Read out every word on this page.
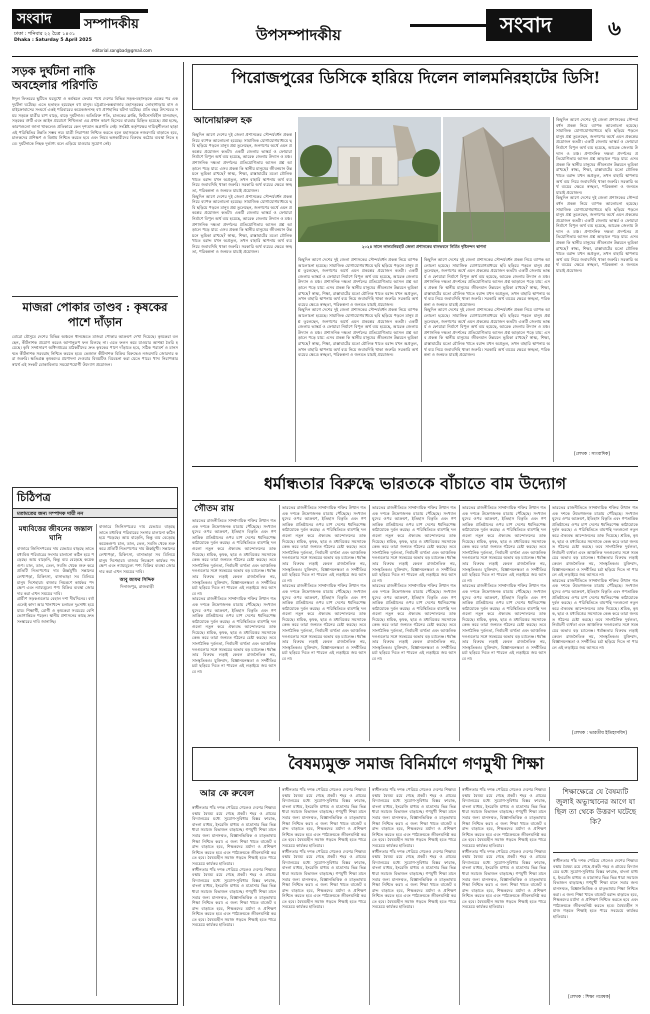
সংবাদ
ঢাকা : শনিবার ২২ চৈত্র ১৪৩১
Dhaka : Saturday 5 April 2025
সম্পাদকীয়
editorial.sangbad@gmail.com
উপসম্পাদকীয়	সংবাদ	৬
সড়ক দুর্ঘটনা নাকি অবহেলার পরিণতি

ঈদুল ফিতরের ছুটিতে ঘরমুখো ও কর্মস্থলে ফেরার পথে দেশের বিভিন্ন সড়ক-মহাসড়কে একের পর এক দুর্ঘটনা ঘটেছে। এতে হতাহত হয়েছেন বহু মানুষ। চট্টগ্রাম-কক্সবাজার মহাসড়কের লোহাগাড়ায় বাস ও মাইক্রোবাসের সংঘর্ষে একই পরিবারের কয়েকজনসহ বহু প্রাণহানির ঘটনা ঘটেছে। প্রতি বছর উৎসবের সময় সড়কে যাত্রীর চাপ বাড়ে, বাড়ে দুর্ঘটনাও। অতিরিক্ত গতি, চালকের ক্লান্তি, ফিটনেসবিহীন যানবাহন, সড়কের ত্রুটি এবং আইন প্রয়োগে শিথিলতা এর প্রধান কারণ হিসেবে বারবার চিহ্নিত হয়েছে। প্রশ্ন হচ্ছে, কারণগুলো জানা থাকলেও প্রতিকারে কেন দৃশ্যমান অগ্রগতি নেই। সংশ্লিষ্ট কর্তৃপক্ষের দায়িত্বশীলতা ছাড়া এই পরিস্থিতির উন্নতি সম্ভব নয়। যাত্রী নিরাপত্তা নিশ্চিত করতে হলে মহাসড়কে নজরদারি বাড়াতে হবে, চালকদের প্রশিক্ষণ ও বিশ্রাম নিশ্চিত করতে হবে এবং নিয়ম ভঙ্গকারীদের বিরুদ্ধে কঠোর ব্যবস্থা নিতে হবে। দুর্ঘটনাকে নিছক দুর্ভাগ্য বলে এড়িয়ে যাওয়ার সুযোগ নেই।

মাজরা পোকার তাণ্ডব : কৃষকের পাশে দাঁড়ান

বোরো মৌসুমে দেশের বিভিন্ন অঞ্চলে ধানক্ষেতে মাজরা পোকার আক্রমণ দেখা দিয়েছে। কৃষকেরা বলছেন, কীটনাশক প্রয়োগ করেও আশানুরূপ ফল মিলছে না। এতে ফলন কমে যাওয়ার আশঙ্কা তৈরি হয়েছে। কৃষি সম্প্রসারণ অধিদপ্তরের মাঠকর্মীদের দ্রুত কৃষকের পাশে দাঁড়াতে হবে, সঠিক পরামর্শ ও মানসম্মত কীটনাশক সরবরাহ নিশ্চিত করতে হবে। ভেজাল কীটনাশক বিক্রির বিরুদ্ধেও নজরদারি জোরদার করা জরুরি। ক্ষতিগ্রস্ত কৃষকদের প্রণোদনা দেওয়ার বিষয়টিও বিবেচনা করা যেতে পারে। খাদ্য নিরাপত্তার স্বার্থে এই সংকট মোকাবিলায় সময়োপযোগী উদ্যোগ প্রয়োজন।

চিঠিপত্র
মতামতের জন্য সম্পাদক দায়ী নন
মধ্যবিত্তের জীবনের জন্তাল ঘানি

বাজারে জিনিসপত্রের দাম যেভাবে বাড়ছে তাতে মধ্যবিত্ত পরিবারের সংসার চালানো কঠিন হয়ে পড়েছে। আয় বাড়েনি, কিন্তু ব্যয় বেড়েছে কয়েকগুণ। চাল, ডাল, তেল, সবজি থেকে শুরু করে প্রতিটি নিত্যপণ্যের দাম ঊর্ধ্বমুখী। সন্তানের লেখাপড়া, চিকিৎসা, বাসাভাড়া সব মিলিয়ে মানুষ দিশেহারা। বাজার নিয়ন্ত্রণে কার্যকর পদক্ষেপ এবং ন্যায্যমূল্যে পণ্য বিক্রির ব্যবস্থা জোরদার করা এখন সময়ের দাবি।

গ্রামীণ সড়কগুলোর বেহাল দশা দীর্ঘদিনের। বর্ষা এলেই কাদা আর খানাখন্দে চলাচল দুঃসাধ্য হয়ে যায়। শিক্ষার্থী, রোগী ও কৃষকেরা সবচেয়ে বেশি ভোগান্তিতে পড়েন। স্থানীয় প্রশাসনের কাছে দ্রুত সংস্কারের দাবি জানাচ্ছি।

বাজারে জিনিসপত্রের দাম যেভাবে বাড়ছে তাতে মধ্যবিত্ত পরিবারের সংসার চালানো কঠিন হয়ে পড়েছে। আয় বাড়েনি, কিন্তু ব্যয় বেড়েছে কয়েকগুণ। চাল, ডাল, তেল, সবজি থেকে শুরু করে প্রতিটি নিত্যপণ্যের দাম ঊর্ধ্বমুখী। সন্তানের লেখাপড়া, চিকিৎসা, বাসাভাড়া সব মিলিয়ে মানুষ দিশেহারা। বাজার নিয়ন্ত্রণে কার্যকর পদক্ষেপ এবং ন্যায্যমূল্যে পণ্য বিক্রির ব্যবস্থা জোরদার করা এখন সময়ের দাবি।

আবু জাফর সিদ্দিক
দিনাজপুর, রাজবাড়ী
পিরোজপুরের ডিসিকে হারিয়ে দিলেন লালমনিরহাটের ডিসি!
আনোয়ারুল হক

কিছুদিন আগে দেশের দুই জেলা প্রশাসকের সৌন্দর্যবর্ধন প্রকল্প নিয়ে ব্যাপক আলোচনা হয়েছে। সামাজিক যোগাযোগমাধ্যমে ছবি ছড়িয়ে পড়লে মানুষ প্রশ্ন তুলেছেন, জনগণের অর্থে এমন প্রকল্পের প্রয়োজন কতটা। একটি জেলায় ভাস্কর্য ও ফোয়ারা নির্মাণে বিপুল অর্থ ব্যয় হয়েছে, আরেক জেলায় উদ্যান ও মঞ্চ। প্রশাসনিক দক্ষতা প্রদর্শনের প্রতিযোগিতায় আসল প্রশ্ন আড়ালে পড়ে যায়: এসব প্রকল্প কি স্থানীয় মানুষের জীবনমান উন্নয়নে ভূমিকা রাখছে? স্বাস্থ্য, শিক্ষা, রাস্তাঘাটের মতো মৌলিক খাতে বরাদ্দ যখন অপ্রতুল, তখন বাহারি স্থাপনায় অর্থ ব্যয় নিয়ে জবাবদিহি থাকা জরুরি। সরকারি অর্থ ব্যয়ের ক্ষেত্রে স্বচ্ছতা, পরিকল্পনা ও জনমত যাচাই প্রয়োজন।

কিছুদিন আগে দেশের দুই জেলা প্রশাসকের সৌন্দর্যবর্ধন প্রকল্প নিয়ে ব্যাপক আলোচনা হয়েছে। সামাজিক যোগাযোগমাধ্যমে ছবি ছড়িয়ে পড়লে মানুষ প্রশ্ন তুলেছেন, জনগণের অর্থে এমন প্রকল্পের প্রয়োজন কতটা। একটি জেলায় ভাস্কর্য ও ফোয়ারা নির্মাণে বিপুল অর্থ ব্যয় হয়েছে, আরেক জেলায় উদ্যান ও মঞ্চ। প্রশাসনিক দক্ষতা প্রদর্শনের প্রতিযোগিতায় আসল প্রশ্ন আড়ালে পড়ে যায়: এসব প্রকল্প কি স্থানীয় মানুষের জীবনমান উন্নয়নে ভূমিকা রাখছে? স্বাস্থ্য, শিক্ষা, রাস্তাঘাটের মতো মৌলিক খাতে বরাদ্দ যখন অপ্রতুল, তখন বাহারি স্থাপনায় অর্থ ব্যয় নিয়ে জবাবদিহি থাকা জরুরি। সরকারি অর্থ ব্যয়ের ক্ষেত্রে স্বচ্ছতা, পরিকল্পনা ও জনমত যাচাই প্রয়োজন।

২০২৪ সালে লালমনিরহাট জেলা প্রশাসকের বাসভবনে নির্মিত দৃষ্টিনন্দন স্থাপনা

কিছুদিন আগে দেশের দুই জেলা প্রশাসকের সৌন্দর্যবর্ধন প্রকল্প নিয়ে ব্যাপক আলোচনা হয়েছে। সামাজিক যোগাযোগমাধ্যমে ছবি ছড়িয়ে পড়লে মানুষ প্রশ্ন তুলেছেন, জনগণের অর্থে এমন প্রকল্পের প্রয়োজন কতটা। একটি জেলায় ভাস্কর্য ও ফোয়ারা নির্মাণে বিপুল অর্থ ব্যয় হয়েছে, আরেক জেলায় উদ্যান ও মঞ্চ। প্রশাসনিক দক্ষতা প্রদর্শনের প্রতিযোগিতায় আসল প্রশ্ন আড়ালে পড়ে যায়: এসব প্রকল্প কি স্থানীয় মানুষের জীবনমান উন্নয়নে ভূমিকা রাখছে? স্বাস্থ্য, শিক্ষা, রাস্তাঘাটের মতো মৌলিক খাতে বরাদ্দ যখন অপ্রতুল, তখন বাহারি স্থাপনায় অর্থ ব্যয় নিয়ে জবাবদিহি থাকা জরুরি। সরকারি অর্থ ব্যয়ের ক্ষেত্রে স্বচ্ছতা, পরিকল্পনা ও জনমত যাচাই প্রয়োজন।

কিছুদিন আগে দেশের দুই জেলা প্রশাসকের সৌন্দর্যবর্ধন প্রকল্প নিয়ে ব্যাপক আলোচনা হয়েছে। সামাজিক যোগাযোগমাধ্যমে ছবি ছড়িয়ে পড়লে মানুষ প্রশ্ন তুলেছেন, জনগণের অর্থে এমন প্রকল্পের প্রয়োজন কতটা। একটি জেলায় ভাস্কর্য ও ফোয়ারা নির্মাণে বিপুল অর্থ ব্যয় হয়েছে, আরেক জেলায় উদ্যান ও মঞ্চ। প্রশাসনিক দক্ষতা প্রদর্শনের প্রতিযোগিতায় আসল প্রশ্ন আড়ালে পড়ে যায়: এসব প্রকল্প কি স্থানীয় মানুষের জীবনমান উন্নয়নে ভূমিকা রাখছে? স্বাস্থ্য, শিক্ষা, রাস্তাঘাটের মতো মৌলিক খাতে বরাদ্দ যখন অপ্রতুল, তখন বাহারি স্থাপনায় অর্থ ব্যয় নিয়ে জবাবদিহি থাকা জরুরি। সরকারি অর্থ ব্যয়ের ক্ষেত্রে স্বচ্ছতা, পরিকল্পনা ও জনমত যাচাই প্রয়োজন।

কিছুদিন আগে দেশের দুই জেলা প্রশাসকের সৌন্দর্যবর্ধন প্রকল্প নিয়ে ব্যাপক আলোচনা হয়েছে। সামাজিক যোগাযোগমাধ্যমে ছবি ছড়িয়ে পড়লে মানুষ প্রশ্ন তুলেছেন, জনগণের অর্থে এমন প্রকল্পের প্রয়োজন কতটা। একটি জেলায় ভাস্কর্য ও ফোয়ারা নির্মাণে বিপুল অর্থ ব্যয় হয়েছে, আরেক জেলায় উদ্যান ও মঞ্চ। প্রশাসনিক দক্ষতা প্রদর্শনের প্রতিযোগিতায় আসল প্রশ্ন আড়ালে পড়ে যায়: এসব প্রকল্প কি স্থানীয় মানুষের জীবনমান উন্নয়নে ভূমিকা রাখছে? স্বাস্থ্য, শিক্ষা, রাস্তাঘাটের মতো মৌলিক খাতে বরাদ্দ যখন অপ্রতুল, তখন বাহারি স্থাপনায় অর্থ ব্যয় নিয়ে জবাবদিহি থাকা জরুরি। সরকারি অর্থ ব্যয়ের ক্ষেত্রে স্বচ্ছতা, পরিকল্পনা ও জনমত যাচাই প্রয়োজন।

কিছুদিন আগে দেশের দুই জেলা প্রশাসকের সৌন্দর্যবর্ধন প্রকল্প নিয়ে ব্যাপক আলোচনা হয়েছে। সামাজিক যোগাযোগমাধ্যমে ছবি ছড়িয়ে পড়লে মানুষ প্রশ্ন তুলেছেন, জনগণের অর্থে এমন প্রকল্পের প্রয়োজন কতটা। একটি জেলায় ভাস্কর্য ও ফোয়ারা নির্মাণে বিপুল অর্থ ব্যয় হয়েছে, আরেক জেলায় উদ্যান ও মঞ্চ। প্রশাসনিক দক্ষতা প্রদর্শনের প্রতিযোগিতায় আসল প্রশ্ন আড়ালে পড়ে যায়: এসব প্রকল্প কি স্থানীয় মানুষের জীবনমান উন্নয়নে ভূমিকা রাখছে? স্বাস্থ্য, শিক্ষা, রাস্তাঘাটের মতো মৌলিক খাতে বরাদ্দ যখন অপ্রতুল, তখন বাহারি স্থাপনায় অর্থ ব্যয় নিয়ে জবাবদিহি থাকা জরুরি। সরকারি অর্থ ব্যয়ের ক্ষেত্রে স্বচ্ছতা, পরিকল্পনা ও জনমত যাচাই প্রয়োজন।

কিছুদিন আগে দেশের দুই জেলা প্রশাসকের সৌন্দর্যবর্ধন প্রকল্প নিয়ে ব্যাপক আলোচনা হয়েছে। সামাজিক যোগাযোগমাধ্যমে ছবি ছড়িয়ে পড়লে মানুষ প্রশ্ন তুলেছেন, জনগণের অর্থে এমন প্রকল্পের প্রয়োজন কতটা। একটি জেলায় ভাস্কর্য ও ফোয়ারা নির্মাণে বিপুল অর্থ ব্যয় হয়েছে, আরেক জেলায় উদ্যান ও মঞ্চ। প্রশাসনিক দক্ষতা প্রদর্শনের প্রতিযোগিতায় আসল প্রশ্ন আড়ালে পড়ে যায়: এসব প্রকল্প কি স্থানীয় মানুষের জীবনমান উন্নয়নে ভূমিকা রাখছে? স্বাস্থ্য, শিক্ষা, রাস্তাঘাটের মতো মৌলিক খাতে বরাদ্দ যখন অপ্রতুল, তখন বাহারি স্থাপনায় অর্থ ব্যয় নিয়ে জবাবদিহি থাকা জরুরি। সরকারি অর্থ ব্যয়ের ক্ষেত্রে স্বচ্ছতা, পরিকল্পনা ও জনমত যাচাই প্রয়োজন।

কিছুদিন আগে দেশের দুই জেলা প্রশাসকের সৌন্দর্যবর্ধন প্রকল্প নিয়ে ব্যাপক আলোচনা হয়েছে। সামাজিক যোগাযোগমাধ্যমে ছবি ছড়িয়ে পড়লে মানুষ প্রশ্ন তুলেছেন, জনগণের অর্থে এমন প্রকল্পের প্রয়োজন কতটা। একটি জেলায় ভাস্কর্য ও ফোয়ারা নির্মাণে বিপুল অর্থ ব্যয় হয়েছে, আরেক জেলায় উদ্যান ও মঞ্চ। প্রশাসনিক দক্ষতা প্রদর্শনের প্রতিযোগিতায় আসল প্রশ্ন আড়ালে পড়ে যায়: এসব প্রকল্প কি স্থানীয় মানুষের জীবনমান উন্নয়নে ভূমিকা রাখছে? স্বাস্থ্য, শিক্ষা, রাস্তাঘাটের মতো মৌলিক খাতে বরাদ্দ যখন অপ্রতুল, তখন বাহারি স্থাপনায় অর্থ ব্যয় নিয়ে জবাবদিহি থাকা জরুরি। সরকারি অর্থ ব্যয়ের ক্ষেত্রে স্বচ্ছতা, পরিকল্পনা ও জনমত যাচাই প্রয়োজন।

[লেখক : সাংবাদিক]
ধর্মান্ধতার বিরুদ্ধে ভারতকে বাঁচাতে বাম উদ্যোগ
গৌতম রায়

ভারতের রাজনীতিতে সাম্প্রদায়িক শক্তির উত্থান গত এক দশকে উদ্বেগজনক মাত্রায় পৌঁছেছে। সংখ্যালঘুদের ওপর আক্রমণ, ইতিহাস বিকৃতি এবং গণতান্ত্রিক প্রতিষ্ঠানের ওপর চাপ দেশের ধর্মনিরপেক্ষ কাঠামোকে দুর্বল করছে। এ পরিস্থিতিতে বামপন্থি দলগুলো নতুন করে ঐক্যবদ্ধ আন্দোলনের ডাক দিয়েছে। শ্রমিক, কৃষক, ছাত্র ও মধ্যবিত্তের সমস্যাকে কেন্দ্র করে তারা জনমত গঠনের চেষ্টা করছে। তবে সাংগঠনিক দুর্বলতা, নির্বাচনী ব্যর্থতা এবং আঞ্চলিক দলগুলোর সঙ্গে সমন্বয়ের অভাব বড় চ্যালেঞ্জ। ধর্মান্ধতার বিরুদ্ধে লড়াই কেবল রাজনৈতিক নয়, সাংস্কৃতিকও। যুক্তিবাদ, বিজ্ঞানমনস্কতা ও সম্প্রীতির চর্চা ছড়িয়ে দিতে না পারলে এই লড়াইয়ে জয় আসবে না।

ভারতের রাজনীতিতে সাম্প্রদায়িক শক্তির উত্থান গত এক দশকে উদ্বেগজনক মাত্রায় পৌঁছেছে। সংখ্যালঘুদের ওপর আক্রমণ, ইতিহাস বিকৃতি এবং গণতান্ত্রিক প্রতিষ্ঠানের ওপর চাপ দেশের ধর্মনিরপেক্ষ কাঠামোকে দুর্বল করছে। এ পরিস্থিতিতে বামপন্থি দলগুলো নতুন করে ঐক্যবদ্ধ আন্দোলনের ডাক দিয়েছে। শ্রমিক, কৃষক, ছাত্র ও মধ্যবিত্তের সমস্যাকে কেন্দ্র করে তারা জনমত গঠনের চেষ্টা করছে। তবে সাংগঠনিক দুর্বলতা, নির্বাচনী ব্যর্থতা এবং আঞ্চলিক দলগুলোর সঙ্গে সমন্বয়ের অভাব বড় চ্যালেঞ্জ। ধর্মান্ধতার বিরুদ্ধে লড়াই কেবল রাজনৈতিক নয়, সাংস্কৃতিকও। যুক্তিবাদ, বিজ্ঞানমনস্কতা ও সম্প্রীতির চর্চা ছড়িয়ে দিতে না পারলে এই লড়াইয়ে জয় আসবে না।

ভারতের রাজনীতিতে সাম্প্রদায়িক শক্তির উত্থান গত এক দশকে উদ্বেগজনক মাত্রায় পৌঁছেছে। সংখ্যালঘুদের ওপর আক্রমণ, ইতিহাস বিকৃতি এবং গণতান্ত্রিক প্রতিষ্ঠানের ওপর চাপ দেশের ধর্মনিরপেক্ষ কাঠামোকে দুর্বল করছে। এ পরিস্থিতিতে বামপন্থি দলগুলো নতুন করে ঐক্যবদ্ধ আন্দোলনের ডাক দিয়েছে। শ্রমিক, কৃষক, ছাত্র ও মধ্যবিত্তের সমস্যাকে কেন্দ্র করে তারা জনমত গঠনের চেষ্টা করছে। তবে সাংগঠনিক দুর্বলতা, নির্বাচনী ব্যর্থতা এবং আঞ্চলিক দলগুলোর সঙ্গে সমন্বয়ের অভাব বড় চ্যালেঞ্জ। ধর্মান্ধতার বিরুদ্ধে লড়াই কেবল রাজনৈতিক নয়, সাংস্কৃতিকও। যুক্তিবাদ, বিজ্ঞানমনস্কতা ও সম্প্রীতির চর্চা ছড়িয়ে দিতে না পারলে এই লড়াইয়ে জয় আসবে না।

ভারতের রাজনীতিতে সাম্প্রদায়িক শক্তির উত্থান গত এক দশকে উদ্বেগজনক মাত্রায় পৌঁছেছে। সংখ্যালঘুদের ওপর আক্রমণ, ইতিহাস বিকৃতি এবং গণতান্ত্রিক প্রতিষ্ঠানের ওপর চাপ দেশের ধর্মনিরপেক্ষ কাঠামোকে দুর্বল করছে। এ পরিস্থিতিতে বামপন্থি দলগুলো নতুন করে ঐক্যবদ্ধ আন্দোলনের ডাক দিয়েছে। শ্রমিক, কৃষক, ছাত্র ও মধ্যবিত্তের সমস্যাকে কেন্দ্র করে তারা জনমত গঠনের চেষ্টা করছে। তবে সাংগঠনিক দুর্বলতা, নির্বাচনী ব্যর্থতা এবং আঞ্চলিক দলগুলোর সঙ্গে সমন্বয়ের অভাব বড় চ্যালেঞ্জ। ধর্মান্ধতার বিরুদ্ধে লড়াই কেবল রাজনৈতিক নয়, সাংস্কৃতিকও। যুক্তিবাদ, বিজ্ঞানমনস্কতা ও সম্প্রীতির চর্চা ছড়িয়ে দিতে না পারলে এই লড়াইয়ে জয় আসবে না।

ভারতের রাজনীতিতে সাম্প্রদায়িক শক্তির উত্থান গত এক দশকে উদ্বেগজনক মাত্রায় পৌঁছেছে। সংখ্যালঘুদের ওপর আক্রমণ, ইতিহাস বিকৃতি এবং গণতান্ত্রিক প্রতিষ্ঠানের ওপর চাপ দেশের ধর্মনিরপেক্ষ কাঠামোকে দুর্বল করছে। এ পরিস্থিতিতে বামপন্থি দলগুলো নতুন করে ঐক্যবদ্ধ আন্দোলনের ডাক দিয়েছে। শ্রমিক, কৃষক, ছাত্র ও মধ্যবিত্তের সমস্যাকে কেন্দ্র করে তারা জনমত গঠনের চেষ্টা করছে। তবে সাংগঠনিক দুর্বলতা, নির্বাচনী ব্যর্থতা এবং আঞ্চলিক দলগুলোর সঙ্গে সমন্বয়ের অভাব বড় চ্যালেঞ্জ। ধর্মান্ধতার বিরুদ্ধে লড়াই কেবল রাজনৈতিক নয়, সাংস্কৃতিকও। যুক্তিবাদ, বিজ্ঞানমনস্কতা ও সম্প্রীতির চর্চা ছড়িয়ে দিতে না পারলে এই লড়াইয়ে জয় আসবে না।

ভারতের রাজনীতিতে সাম্প্রদায়িক শক্তির উত্থান গত এক দশকে উদ্বেগজনক মাত্রায় পৌঁছেছে। সংখ্যালঘুদের ওপর আক্রমণ, ইতিহাস বিকৃতি এবং গণতান্ত্রিক প্রতিষ্ঠানের ওপর চাপ দেশের ধর্মনিরপেক্ষ কাঠামোকে দুর্বল করছে। এ পরিস্থিতিতে বামপন্থি দলগুলো নতুন করে ঐক্যবদ্ধ আন্দোলনের ডাক দিয়েছে। শ্রমিক, কৃষক, ছাত্র ও মধ্যবিত্তের সমস্যাকে কেন্দ্র করে তারা জনমত গঠনের চেষ্টা করছে। তবে সাংগঠনিক দুর্বলতা, নির্বাচনী ব্যর্থতা এবং আঞ্চলিক দলগুলোর সঙ্গে সমন্বয়ের অভাব বড় চ্যালেঞ্জ। ধর্মান্ধতার বিরুদ্ধে লড়াই কেবল রাজনৈতিক নয়, সাংস্কৃতিকও। যুক্তিবাদ, বিজ্ঞানমনস্কতা ও সম্প্রীতির চর্চা ছড়িয়ে দিতে না পারলে এই লড়াইয়ে জয় আসবে না।

ভারতের রাজনীতিতে সাম্প্রদায়িক শক্তির উত্থান গত এক দশকে উদ্বেগজনক মাত্রায় পৌঁছেছে। সংখ্যালঘুদের ওপর আক্রমণ, ইতিহাস বিকৃতি এবং গণতান্ত্রিক প্রতিষ্ঠানের ওপর চাপ দেশের ধর্মনিরপেক্ষ কাঠামোকে দুর্বল করছে। এ পরিস্থিতিতে বামপন্থি দলগুলো নতুন করে ঐক্যবদ্ধ আন্দোলনের ডাক দিয়েছে। শ্রমিক, কৃষক, ছাত্র ও মধ্যবিত্তের সমস্যাকে কেন্দ্র করে তারা জনমত গঠনের চেষ্টা করছে। তবে সাংগঠনিক দুর্বলতা, নির্বাচনী ব্যর্থতা এবং আঞ্চলিক দলগুলোর সঙ্গে সমন্বয়ের অভাব বড় চ্যালেঞ্জ। ধর্মান্ধতার বিরুদ্ধে লড়াই কেবল রাজনৈতিক নয়, সাংস্কৃতিকও। যুক্তিবাদ, বিজ্ঞানমনস্কতা ও সম্প্রীতির চর্চা ছড়িয়ে দিতে না পারলে এই লড়াইয়ে জয় আসবে না।

ভারতের রাজনীতিতে সাম্প্রদায়িক শক্তির উত্থান গত এক দশকে উদ্বেগজনক মাত্রায় পৌঁছেছে। সংখ্যালঘুদের ওপর আক্রমণ, ইতিহাস বিকৃতি এবং গণতান্ত্রিক প্রতিষ্ঠানের ওপর চাপ দেশের ধর্মনিরপেক্ষ কাঠামোকে দুর্বল করছে। এ পরিস্থিতিতে বামপন্থি দলগুলো নতুন করে ঐক্যবদ্ধ আন্দোলনের ডাক দিয়েছে। শ্রমিক, কৃষক, ছাত্র ও মধ্যবিত্তের সমস্যাকে কেন্দ্র করে তারা জনমত গঠনের চেষ্টা করছে। তবে সাংগঠনিক দুর্বলতা, নির্বাচনী ব্যর্থতা এবং আঞ্চলিক দলগুলোর সঙ্গে সমন্বয়ের অভাব বড় চ্যালেঞ্জ। ধর্মান্ধতার বিরুদ্ধে লড়াই কেবল রাজনৈতিক নয়, সাংস্কৃতিকও। যুক্তিবাদ, বিজ্ঞানমনস্কতা ও সম্প্রীতির চর্চা ছড়িয়ে দিতে না পারলে এই লড়াইয়ে জয় আসবে না।

ভারতের রাজনীতিতে সাম্প্রদায়িক শক্তির উত্থান গত এক দশকে উদ্বেগজনক মাত্রায় পৌঁছেছে। সংখ্যালঘুদের ওপর আক্রমণ, ইতিহাস বিকৃতি এবং গণতান্ত্রিক প্রতিষ্ঠানের ওপর চাপ দেশের ধর্মনিরপেক্ষ কাঠামোকে দুর্বল করছে। এ পরিস্থিতিতে বামপন্থি দলগুলো নতুন করে ঐক্যবদ্ধ আন্দোলনের ডাক দিয়েছে। শ্রমিক, কৃষক, ছাত্র ও মধ্যবিত্তের সমস্যাকে কেন্দ্র করে তারা জনমত গঠনের চেষ্টা করছে। তবে সাংগঠনিক দুর্বলতা, নির্বাচনী ব্যর্থতা এবং আঞ্চলিক দলগুলোর সঙ্গে সমন্বয়ের অভাব বড় চ্যালেঞ্জ। ধর্মান্ধতার বিরুদ্ধে লড়াই কেবল রাজনৈতিক নয়, সাংস্কৃতিকও। যুক্তিবাদ, বিজ্ঞানমনস্কতা ও সম্প্রীতির চর্চা ছড়িয়ে দিতে না পারলে এই লড়াইয়ে জয় আসবে না।

ভারতের রাজনীতিতে সাম্প্রদায়িক শক্তির উত্থান গত এক দশকে উদ্বেগজনক মাত্রায় পৌঁছেছে। সংখ্যালঘুদের ওপর আক্রমণ, ইতিহাস বিকৃতি এবং গণতান্ত্রিক প্রতিষ্ঠানের ওপর চাপ দেশের ধর্মনিরপেক্ষ কাঠামোকে দুর্বল করছে। এ পরিস্থিতিতে বামপন্থি দলগুলো নতুন করে ঐক্যবদ্ধ আন্দোলনের ডাক দিয়েছে। শ্রমিক, কৃষক, ছাত্র ও মধ্যবিত্তের সমস্যাকে কেন্দ্র করে তারা জনমত গঠনের চেষ্টা করছে। তবে সাংগঠনিক দুর্বলতা, নির্বাচনী ব্যর্থতা এবং আঞ্চলিক দলগুলোর সঙ্গে সমন্বয়ের অভাব বড় চ্যালেঞ্জ। ধর্মান্ধতার বিরুদ্ধে লড়াই কেবল রাজনৈতিক নয়, সাংস্কৃতিকও। যুক্তিবাদ, বিজ্ঞানমনস্কতা ও সম্প্রীতির চর্চা ছড়িয়ে দিতে না পারলে এই লড়াইয়ে জয় আসবে না।

[লেখক : ভারতীয় ইতিহাসবিদ]
বৈষম্যমুক্ত সমাজ বিনির্মাণে গণমুখী শিক্ষা
আর কে রুবেল

স্বাধীনতার পাঁচ দশক পেরিয়ে গেলেও দেশের শিক্ষাব্যবস্থায় বৈষম্য রয়ে গেছে প্রকট। শহর ও গ্রামের বিদ্যালয়ের মধ্যে সুযোগ-সুবিধার বিস্তর ফারাক, বাংলা মাধ্যম, ইংরেজি মাধ্যম ও মাদ্রাসার ভিন্ন ভিন্ন ধারা সমাজে বিভাজন বাড়াচ্ছে। গণমুখী শিক্ষা মানে সবার জন্য মানসম্মত, বিজ্ঞানভিত্তিক ও মাতৃভাষায় শিক্ষা নিশ্চিত করা। এ জন্য শিক্ষা খাতে বাজেট বরাদ্দ বাড়াতে হবে, শিক্ষকদের মর্যাদা ও প্রশিক্ষণ নিশ্চিত করতে হবে এবং পাঠ্যক্রমকে জীবনঘনিষ্ঠ করতে হবে। বৈষম্যহীন সমাজ গড়তে শিক্ষাই হতে পারে সবচেয়ে কার্যকর হাতিয়ার।

স্বাধীনতার পাঁচ দশক পেরিয়ে গেলেও দেশের শিক্ষাব্যবস্থায় বৈষম্য রয়ে গেছে প্রকট। শহর ও গ্রামের বিদ্যালয়ের মধ্যে সুযোগ-সুবিধার বিস্তর ফারাক, বাংলা মাধ্যম, ইংরেজি মাধ্যম ও মাদ্রাসার ভিন্ন ভিন্ন ধারা সমাজে বিভাজন বাড়াচ্ছে। গণমুখী শিক্ষা মানে সবার জন্য মানসম্মত, বিজ্ঞানভিত্তিক ও মাতৃভাষায় শিক্ষা নিশ্চিত করা। এ জন্য শিক্ষা খাতে বাজেট বরাদ্দ বাড়াতে হবে, শিক্ষকদের মর্যাদা ও প্রশিক্ষণ নিশ্চিত করতে হবে এবং পাঠ্যক্রমকে জীবনঘনিষ্ঠ করতে হবে। বৈষম্যহীন সমাজ গড়তে শিক্ষাই হতে পারে সবচেয়ে কার্যকর হাতিয়ার।

স্বাধীনতার পাঁচ দশক পেরিয়ে গেলেও দেশের শিক্ষাব্যবস্থায় বৈষম্য রয়ে গেছে প্রকট। শহর ও গ্রামের বিদ্যালয়ের মধ্যে সুযোগ-সুবিধার বিস্তর ফারাক, বাংলা মাধ্যম, ইংরেজি মাধ্যম ও মাদ্রাসার ভিন্ন ভিন্ন ধারা সমাজে বিভাজন বাড়াচ্ছে। গণমুখী শিক্ষা মানে সবার জন্য মানসম্মত, বিজ্ঞানভিত্তিক ও মাতৃভাষায় শিক্ষা নিশ্চিত করা। এ জন্য শিক্ষা খাতে বাজেট বরাদ্দ বাড়াতে হবে, শিক্ষকদের মর্যাদা ও প্রশিক্ষণ নিশ্চিত করতে হবে এবং পাঠ্যক্রমকে জীবনঘনিষ্ঠ করতে হবে। বৈষম্যহীন সমাজ গড়তে শিক্ষাই হতে পারে সবচেয়ে কার্যকর হাতিয়ার।

স্বাধীনতার পাঁচ দশক পেরিয়ে গেলেও দেশের শিক্ষাব্যবস্থায় বৈষম্য রয়ে গেছে প্রকট। শহর ও গ্রামের বিদ্যালয়ের মধ্যে সুযোগ-সুবিধার বিস্তর ফারাক, বাংলা মাধ্যম, ইংরেজি মাধ্যম ও মাদ্রাসার ভিন্ন ভিন্ন ধারা সমাজে বিভাজন বাড়াচ্ছে। গণমুখী শিক্ষা মানে সবার জন্য মানসম্মত, বিজ্ঞানভিত্তিক ও মাতৃভাষায় শিক্ষা নিশ্চিত করা। এ জন্য শিক্ষা খাতে বাজেট বরাদ্দ বাড়াতে হবে, শিক্ষকদের মর্যাদা ও প্রশিক্ষণ নিশ্চিত করতে হবে এবং পাঠ্যক্রমকে জীবনঘনিষ্ঠ করতে হবে। বৈষম্যহীন সমাজ গড়তে শিক্ষাই হতে পারে সবচেয়ে কার্যকর হাতিয়ার।

স্বাধীনতার পাঁচ দশক পেরিয়ে গেলেও দেশের শিক্ষাব্যবস্থায় বৈষম্য রয়ে গেছে প্রকট। শহর ও গ্রামের বিদ্যালয়ের মধ্যে সুযোগ-সুবিধার বিস্তর ফারাক, বাংলা মাধ্যম, ইংরেজি মাধ্যম ও মাদ্রাসার ভিন্ন ভিন্ন ধারা সমাজে বিভাজন বাড়াচ্ছে। গণমুখী শিক্ষা মানে সবার জন্য মানসম্মত, বিজ্ঞানভিত্তিক ও মাতৃভাষায় শিক্ষা নিশ্চিত করা। এ জন্য শিক্ষা খাতে বাজেট বরাদ্দ বাড়াতে হবে, শিক্ষকদের মর্যাদা ও প্রশিক্ষণ নিশ্চিত করতে হবে এবং পাঠ্যক্রমকে জীবনঘনিষ্ঠ করতে হবে। বৈষম্যহীন সমাজ গড়তে শিক্ষাই হতে পারে সবচেয়ে কার্যকর হাতিয়ার।

স্বাধীনতার পাঁচ দশক পেরিয়ে গেলেও দেশের শিক্ষাব্যবস্থায় বৈষম্য রয়ে গেছে প্রকট। শহর ও গ্রামের বিদ্যালয়ের মধ্যে সুযোগ-সুবিধার বিস্তর ফারাক, বাংলা মাধ্যম, ইংরেজি মাধ্যম ও মাদ্রাসার ভিন্ন ভিন্ন ধারা সমাজে বিভাজন বাড়াচ্ছে। গণমুখী শিক্ষা মানে সবার জন্য মানসম্মত, বিজ্ঞানভিত্তিক ও মাতৃভাষায় শিক্ষা নিশ্চিত করা। এ জন্য শিক্ষা খাতে বাজেট বরাদ্দ বাড়াতে হবে, শিক্ষকদের মর্যাদা ও প্রশিক্ষণ নিশ্চিত করতে হবে এবং পাঠ্যক্রমকে জীবনঘনিষ্ঠ করতে হবে। বৈষম্যহীন সমাজ গড়তে শিক্ষাই হতে পারে সবচেয়ে কার্যকর হাতিয়ার।

স্বাধীনতার পাঁচ দশক পেরিয়ে গেলেও দেশের শিক্ষাব্যবস্থায় বৈষম্য রয়ে গেছে প্রকট। শহর ও গ্রামের বিদ্যালয়ের মধ্যে সুযোগ-সুবিধার বিস্তর ফারাক, বাংলা মাধ্যম, ইংরেজি মাধ্যম ও মাদ্রাসার ভিন্ন ভিন্ন ধারা সমাজে বিভাজন বাড়াচ্ছে। গণমুখী শিক্ষা মানে সবার জন্য মানসম্মত, বিজ্ঞানভিত্তিক ও মাতৃভাষায় শিক্ষা নিশ্চিত করা। এ জন্য শিক্ষা খাতে বাজেট বরাদ্দ বাড়াতে হবে, শিক্ষকদের মর্যাদা ও প্রশিক্ষণ নিশ্চিত করতে হবে এবং পাঠ্যক্রমকে জীবনঘনিষ্ঠ করতে হবে। বৈষম্যহীন সমাজ গড়তে শিক্ষাই হতে পারে সবচেয়ে কার্যকর হাতিয়ার।

স্বাধীনতার পাঁচ দশক পেরিয়ে গেলেও দেশের শিক্ষাব্যবস্থায় বৈষম্য রয়ে গেছে প্রকট। শহর ও গ্রামের বিদ্যালয়ের মধ্যে সুযোগ-সুবিধার বিস্তর ফারাক, বাংলা মাধ্যম, ইংরেজি মাধ্যম ও মাদ্রাসার ভিন্ন ভিন্ন ধারা সমাজে বিভাজন বাড়াচ্ছে। গণমুখী শিক্ষা মানে সবার জন্য মানসম্মত, বিজ্ঞানভিত্তিক ও মাতৃভাষায় শিক্ষা নিশ্চিত করা। এ জন্য শিক্ষা খাতে বাজেট বরাদ্দ বাড়াতে হবে, শিক্ষকদের মর্যাদা ও প্রশিক্ষণ নিশ্চিত করতে হবে এবং পাঠ্যক্রমকে জীবনঘনিষ্ঠ করতে হবে। বৈষম্যহীন সমাজ গড়তে শিক্ষাই হতে পারে সবচেয়ে কার্যকর হাতিয়ার।

শিক্ষাক্ষেত্রে যে বৈষম্যটি জুলাই অভ্যুত্থানের আগে যা ছিল তা থেকে উত্তরণ ঘটেছে কি?

স্বাধীনতার পাঁচ দশক পেরিয়ে গেলেও দেশের শিক্ষাব্যবস্থায় বৈষম্য রয়ে গেছে প্রকট। শহর ও গ্রামের বিদ্যালয়ের মধ্যে সুযোগ-সুবিধার বিস্তর ফারাক, বাংলা মাধ্যম, ইংরেজি মাধ্যম ও মাদ্রাসার ভিন্ন ভিন্ন ধারা সমাজে বিভাজন বাড়াচ্ছে। গণমুখী শিক্ষা মানে সবার জন্য মানসম্মত, বিজ্ঞানভিত্তিক ও মাতৃভাষায় শিক্ষা নিশ্চিত করা। এ জন্য শিক্ষা খাতে বাজেট বরাদ্দ বাড়াতে হবে, শিক্ষকদের মর্যাদা ও প্রশিক্ষণ নিশ্চিত করতে হবে এবং পাঠ্যক্রমকে জীবনঘনিষ্ঠ করতে হবে। বৈষম্যহীন সমাজ গড়তে শিক্ষাই হতে পারে সবচেয়ে কার্যকর হাতিয়ার।

[লেখক : শিক্ষা গবেষক]
